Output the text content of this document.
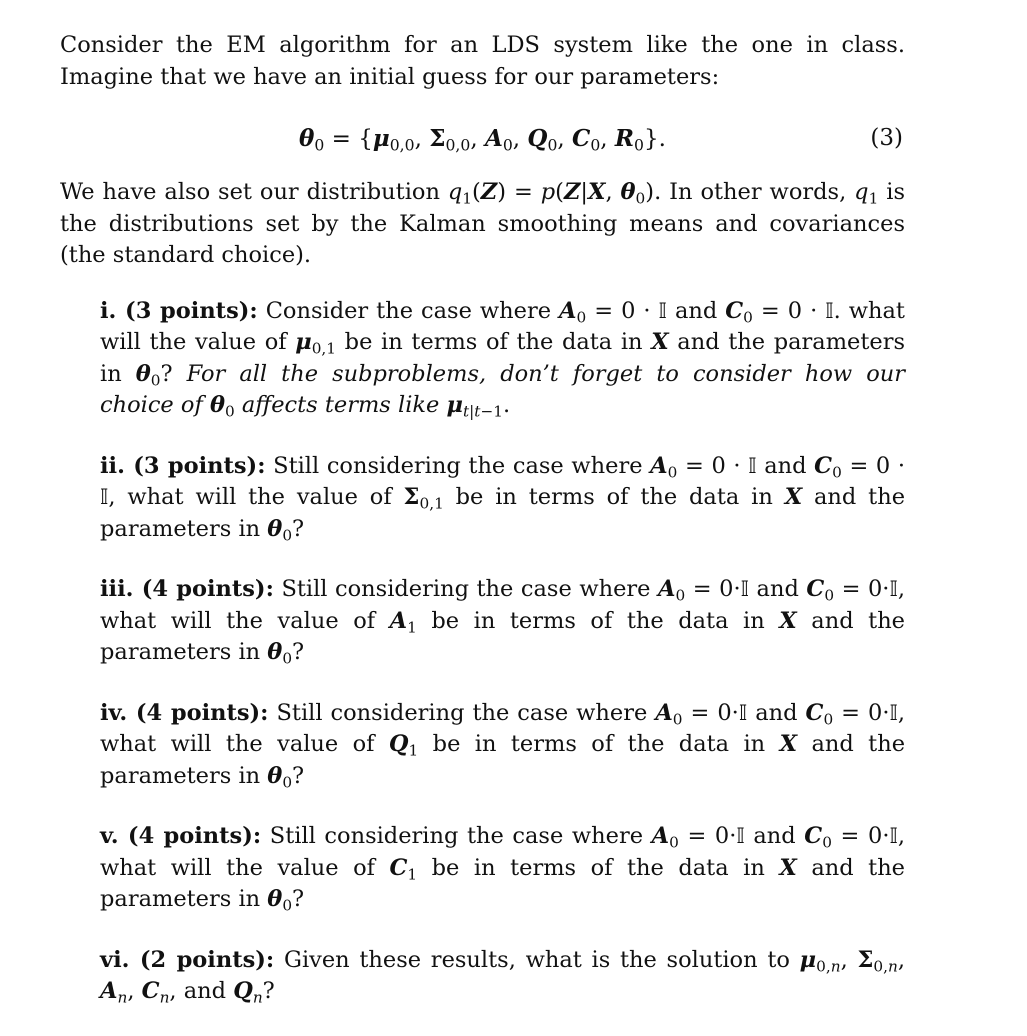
Consider the EM algorithm for an LDS system like the one in class. Imagine that we have an initial guess for our parameters:

$\theta_0 = \{\mu_{0,0}$, $\Sigma_{0,0}$, $A_0$, $Q_0$, $C_0$, $R_0$}.	(3)

We have also set our distribution $q_1(Z) = p(Z|X$, $\theta_0$). In other words, $q_1$ is the distributions set by the Kalman smoothing means and covariances (the standard choice).

i. (3 points): Consider the case where $A_0 = 0$ · 𝕀 and $C_0 = 0$ · 𝕀. what will the value of $\mu_{0,1}$ be in terms of the data in X and the parameters in $\theta_0$? For all the subproblems, don’t forget to consider how our choice of $\theta_0$ affects terms like $\mu_{t|t-1}$.

ii. (3 points): Still considering the case where $A_0 = 0$ · 𝕀 and $C_0 = 0$ · 𝕀, what will the value of $\Sigma_{0,1}$ be in terms of the data in X and the parameters in $\theta_0$?

iii. (4 points): Still considering the case where $A_0$ = 0·𝕀 and $C_0$ = 0·𝕀, what will the value of $A_1$ be in terms of the data in X and the parameters in $\theta_0$?

iv. (4 points): Still considering the case where $A_0$ = 0·𝕀 and $C_0$ = 0·𝕀, what will the value of $Q_1$ be in terms of the data in X and the parameters in $\theta_0$?

v. (4 points): Still considering the case where $A_0$ = 0·𝕀 and $C_0$ = 0·𝕀, what will the value of $C_1$ be in terms of the data in X and the parameters in $\theta_0$?

vi. (2 points): Given these results, what is the solution to $\mu_{0,n}$, $\Sigma_{0,n}$, $A_n$, $C_n$, and $Q_n$?
